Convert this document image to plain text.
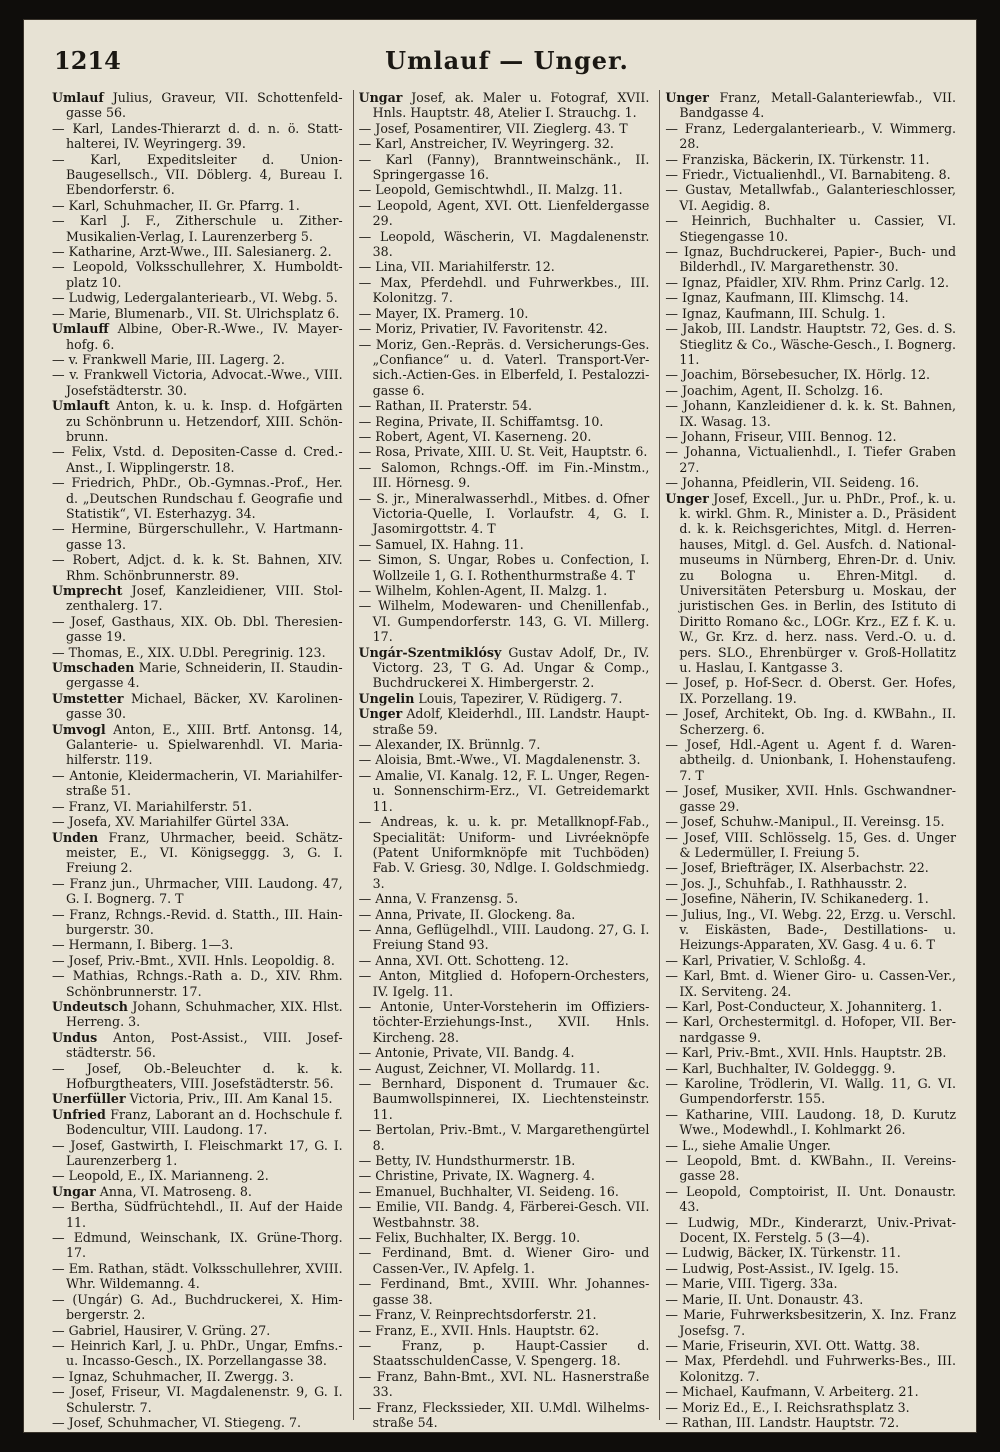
1214	Umlauf — Unger.
Umlauf Julius, Graveur, VII. Schottenfeldgasse 56.
— Karl, Landes-Thierarzt d. d. n. ö. Statthalterei, IV. Weyringerg. 39.
— Karl, Expeditsleiter d. Union-Baugesellsch., VII. Döblerg. 4, Bureau I. Ebendorferstr. 6.
— Karl, Schuhmacher, II. Gr. Pfarrg. 1.
— Karl J. F., Zitherschule u. Zither-Musikalien-Verlag, I. Laurenzerberg 5.
— Katharine, Arzt-Wwe., III. Salesianerg. 2.
— Leopold, Volksschullehrer, X. Humboldtplatz 10.
— Ludwig, Ledergalanteriearb., VI. Webg. 5.
— Marie, Blumenarb., VII. St. Ulrichsplatz 6.
Umlauff Albine, Ober-R.-Wwe., IV. Mayerhofg. 6.
— v. Frankwell Marie, III. Lagerg. 2.
— v. Frankwell Victoria, Advocat.-Wwe., VIII. Josefstädterstr. 30.
Umlauft Anton, k. u. k. Insp. d. Hofgärten zu Schönbrunn u. Hetzendorf, XIII. Schönbrunn.
— Felix, Vstd. d. Depositen-Casse d. Cred.-Anst., I. Wipplingerstr. 18.
— Friedrich, PhDr., Ob.-Gymnas.-Prof., Her. d. „Deutschen Rundschau f. Geografie und Statistik“, VI. Esterhazyg. 34.
— Hermine, Bürgerschullehr., V. Hartmanngasse 13.
— Robert, Adjct. d. k. k. St. Bahnen, XIV. Rhm. Schönbrunnerstr. 89.
Umprecht Josef, Kanzleidiener, VIII. Stolzenthalerg. 17.
— Josef, Gasthaus, XIX. Ob. Dbl. Theresiengasse 19.
— Thomas, E., XIX. U.Dbl. Peregrinig. 123.
Umschaden Marie, Schneiderin, II. Staudingergasse 4.
Umstetter Michael, Bäcker, XV. Karolinengasse 30.
Umvogl Anton, E., XIII. Brtf. Antonsg. 14, Galanterie- u. Spielwarenhdl. VI. Mariahilferstr. 119.
— Antonie, Kleidermacherin, VI. Mariahilferstraße 51.
— Franz, VI. Mariahilferstr. 51.
— Josefa, XV. Mariahilfer Gürtel 33A.
Unden Franz, Uhrmacher, beeid. Schätzmeister, E., VI. Königseggg. 3, G. I. Freiung 2.
— Franz jun., Uhrmacher, VIII. Laudong. 47, G. I. Bognerg. 7. T
— Franz, Rchngs.-Revid. d. Statth., III. Hainburgerstr. 30.
— Hermann, I. Biberg. 1—3.
— Josef, Priv.-Bmt., XVII. Hnls. Leopoldig. 8.
— Mathias, Rchngs.-Rath a. D., XIV. Rhm. Schönbrunnerstr. 17.
Undeutsch Johann, Schuhmacher, XIX. Hlst. Herreng. 3.
Undus Anton, Post-Assist., VIII. Josefstädterstr. 56.
— Josef, Ob.-Beleuchter d. k. k. Hofburgtheaters, VIII. Josefstädterstr. 56.
Unerfüller Victoria, Priv., III. Am Kanal 15.
Unfried Franz, Laborant an d. Hochschule f. Bodencultur, VIII. Laudong. 17.
— Josef, Gastwirth, I. Fleischmarkt 17, G. I. Laurenzerberg 1.
— Leopold, E., IX. Marianneng. 2.
Ungar Anna, VI. Matroseng. 8.
— Bertha, Südfrüchtehdl., II. Auf der Haide 11.
— Edmund, Weinschank, IX. Grüne-Thorg. 17.
— Em. Rathan, städt. Volksschullehrer, XVIII. Whr. Wildemanng. 4.
— (Ungár) G. Ad., Buchdruckerei, X. Himbergerstr. 2.
— Gabriel, Hausirer, V. Grüng. 27.
— Heinrich Karl, J. u. PhDr., Ungar, Emfns.- u. Incasso-Gesch., IX. Porzellangasse 38.
— Ignaz, Schuhmacher, II. Zwergg. 3.
— Josef, Friseur, VI. Magdalenenstr. 9, G. I. Schulerstr. 7.
— Josef, Schuhmacher, VI. Stiegeng. 7.
Ungar Josef, ak. Maler u. Fotograf, XVII. Hnls. Hauptstr. 48, Atelier I. Strauchg. 1.
— Josef, Posamentirer, VII. Zieglerg. 43. T
— Karl, Anstreicher, IV. Weyringerg. 32.
— Karl (Fanny), Branntweinschänk., II. Springergasse 16.
— Leopold, Gemischtwhdl., II. Malzg. 11.
— Leopold, Agent, XVI. Ott. Lienfeldergasse 29.
— Leopold, Wäscherin, VI. Magdalenenstr. 38.
— Lina, VII. Mariahilferstr. 12.
— Max, Pferdehdl. und Fuhrwerkbes., III. Kolonitzg. 7.
— Mayer, IX. Pramerg. 10.
— Moriz, Privatier, IV. Favoritenstr. 42.
— Moriz, Gen.-Repräs. d. Versicherungs-Ges. „Confiance“ u. d. Vaterl. Transport-Versich.-Actien-Ges. in Elberfeld, I. Pestalozzigasse 6.
— Rathan, II. Praterstr. 54.
— Regina, Private, II. Schiffamtsg. 10.
— Robert, Agent, VI. Kaserneng. 20.
— Rosa, Private, XIII. U. St. Veit, Hauptstr. 6.
— Salomon, Rchngs.-Off. im Fin.-Minstm., III. Hörnesg. 9.
— S. jr., Mineralwasserhdl., Mitbes. d. Ofner Victoria-Quelle, I. Vorlaufstr. 4, G. I. Jasomirgottstr. 4. T
— Samuel, IX. Hahng. 11.
— Simon, S. Ungar, Robes u. Confection, I. Wollzeile 1, G. I. Rothenthurmstraße 4. T
— Wilhelm, Kohlen-Agent, II. Malzg. 1.
— Wilhelm, Modewaren- und Chenillenfab., VI. Gumpendorferstr. 143, G. VI. Millerg. 17.
Ungár-Szentmiklósy Gustav Adolf, Dr., IV. Victorg. 23, T G. Ad. Ungar & Comp., Buchdruckerei X. Himbergerstr. 2.
Ungelin Louis, Tapezirer, V. Rüdigerg. 7.
Unger Adolf, Kleiderhdl., III. Landstr. Hauptstraße 59.
— Alexander, IX. Brünnlg. 7.
— Aloisia, Bmt.-Wwe., VI. Magdalenenstr. 3.
— Amalie, VI. Kanalg. 12, F. L. Unger, Regen- u. Sonnenschirm-Erz., VI. Getreidemarkt 11.
— Andreas, k. u. k. pr. Metallknopf-Fab., Specialität: Uniform- und Livréeknöpfe (Patent Uniformknöpfe mit Tuchböden) Fab. V. Griesg. 30, Ndlge. I. Goldschmiedg. 3.
— Anna, V. Franzensg. 5.
— Anna, Private, II. Glockeng. 8a.
— Anna, Geflügelhdl., VIII. Laudong. 27, G. I. Freiung Stand 93.
— Anna, XVI. Ott. Schotteng. 12.
— Anton, Mitglied d. Hofopern-Orchesters, IV. Igelg. 11.
— Antonie, Unter-Vorsteherin im Offizierstöchter-Erziehungs-Inst., XVII. Hnls. Kircheng. 28.
— Antonie, Private, VII. Bandg. 4.
— August, Zeichner, VI. Mollardg. 11.
— Bernhard, Disponent d. Trumauer &c. Baumwollspinnerei, IX. Liechtensteinstr. 11.
— Bertolan, Priv.-Bmt., V. Margarethengürtel 8.
— Betty, IV. Hundsthurmerstr. 1B.
— Christine, Private, IX. Wagnerg. 4.
— Emanuel, Buchhalter, VI. Seideng. 16.
— Emilie, VII. Bandg. 4, Färberei-Gesch. VII. Westbahnstr. 38.
— Felix, Buchhalter, IX. Bergg. 10.
— Ferdinand, Bmt. d. Wiener Giro- und Cassen-Ver., IV. Apfelg. 1.
— Ferdinand, Bmt., XVIII. Whr. Johannesgasse 38.
— Franz, V. Reinprechtsdorferstr. 21.
— Franz, E., XVII. Hnls. Hauptstr. 62.
— Franz, p. Haupt-Cassier d. StaatsschuldenCasse, V. Spengerg. 18.
— Franz, Bahn-Bmt., XVI. NL. Hasnerstraße 33.
— Franz, Fleckssieder, XII. U.Mdl. Wilhelmsstraße 54.
Unger Franz, Metall-Galanteriewfab., VII. Bandgasse 4.
— Franz, Ledergalanteriearb., V. Wimmerg. 28.
— Franziska, Bäckerin, IX. Türkenstr. 11.
— Friedr., Victualienhdl., VI. Barnabiteng. 8.
— Gustav, Metallwfab., Galanterieschlosser, VI. Aegidig. 8.
— Heinrich, Buchhalter u. Cassier, VI. Stiegengasse 10.
— Ignaz, Buchdruckerei, Papier-, Buch- und Bilderhdl., IV. Margarethenstr. 30.
— Ignaz, Pfaidler, XIV. Rhm. Prinz Carlg. 12.
— Ignaz, Kaufmann, III. Klimschg. 14.
— Ignaz, Kaufmann, III. Schulg. 1.
— Jakob, III. Landstr. Hauptstr. 72, Ges. d. S. Stieglitz & Co., Wäsche-Gesch., I. Bognerg. 11.
— Joachim, Börsebesucher, IX. Hörlg. 12.
— Joachim, Agent, II. Scholzg. 16.
— Johann, Kanzleidiener d. k. k. St. Bahnen, IX. Wasag. 13.
— Johann, Friseur, VIII. Bennog. 12.
— Johanna, Victualienhdl., I. Tiefer Graben 27.
— Johanna, Pfeidlerin, VII. Seideng. 16.
Unger Josef, Excell., Jur. u. PhDr., Prof., k. u. k. wirkl. Ghm. R., Minister a. D., Präsident d. k. k. Reichsgerichtes, Mitgl. d. Herrenhauses, Mitgl. d. Gel. Ausfch. d. Nationalmuseums in Nürnberg, Ehren-Dr. d. Univ. zu Bologna u. Ehren-Mitgl. d. Universitäten Petersburg u. Moskau, der juristischen Ges. in Berlin, des Istituto di Diritto Romano &c., LOGr. Krz., EZ f. K. u. W., Gr. Krz. d. herz. nass. Verd.-O. u. d. pers. SLO., Ehrenbürger v. Groß-Hollatitz u. Haslau, I. Kantgasse 3.
— Josef, p. Hof-Secr. d. Oberst. Ger. Hofes, IX. Porzellang. 19.
— Josef, Architekt, Ob. Ing. d. KWBahn., II. Scherzerg. 6.
— Josef, Hdl.-Agent u. Agent f. d. Warenabtheilg. d. Unionbank, I. Hohenstaufeng. 7. T
— Josef, Musiker, XVII. Hnls. Gschwandnergasse 29.
— Josef, Schuhw.-Manipul., II. Vereinsg. 15.
— Josef, VIII. Schlösselg. 15, Ges. d. Unger & Ledermüller, I. Freiung 5.
— Josef, Briefträger, IX. Alserbachstr. 22.
— Jos. J., Schuhfab., I. Rathhausstr. 2.
— Josefine, Näherin, IV. Schikanederg. 1.
— Julius, Ing., VI. Webg. 22, Erzg. u. Verschl. v. Eiskästen, Bade-, Destillations- u. Heizungs-Apparaten, XV. Gasg. 4 u. 6. T
— Karl, Privatier, V. Schloßg. 4.
— Karl, Bmt. d. Wiener Giro- u. Cassen-Ver., IX. Serviteng. 24.
— Karl, Post-Conducteur, X. Johanniterg. 1.
— Karl, Orchestermitgl. d. Hofoper, VII. Bernardgasse 9.
— Karl, Priv.-Bmt., XVII. Hnls. Hauptstr. 2B.
— Karl, Buchhalter, IV. Goldeggg. 9.
— Karoline, Trödlerin, VI. Wallg. 11, G. VI. Gumpendorferstr. 155.
— Katharine, VIII. Laudong. 18, D. Kurutz Wwe., Modewhdl., I. Kohlmarkt 26.
— L., siehe Amalie Unger.
— Leopold, Bmt. d. KWBahn., II. Vereinsgasse 28.
— Leopold, Comptoirist, II. Unt. Donaustr. 43.
— Ludwig, MDr., Kinderarzt, Univ.-PrivatDocent, IX. Ferstelg. 5 (3—4).
— Ludwig, Bäcker, IX. Türkenstr. 11.
— Ludwig, Post-Assist., IV. Igelg. 15.
— Marie, VIII. Tigerg. 33a.
— Marie, II. Unt. Donaustr. 43.
— Marie, Fuhrwerksbesitzerin, X. Inz. Franz Josefsg. 7.
— Marie, Friseurin, XVI. Ott. Wattg. 38.
— Max, Pferdehdl. und Fuhrwerks-Bes., III. Kolonitzg. 7.
— Michael, Kaufmann, V. Arbeiterg. 21.
— Moriz Ed., E., I. Reichsrathsplatz 3.
— Rathan, III. Landstr. Hauptstr. 72.
